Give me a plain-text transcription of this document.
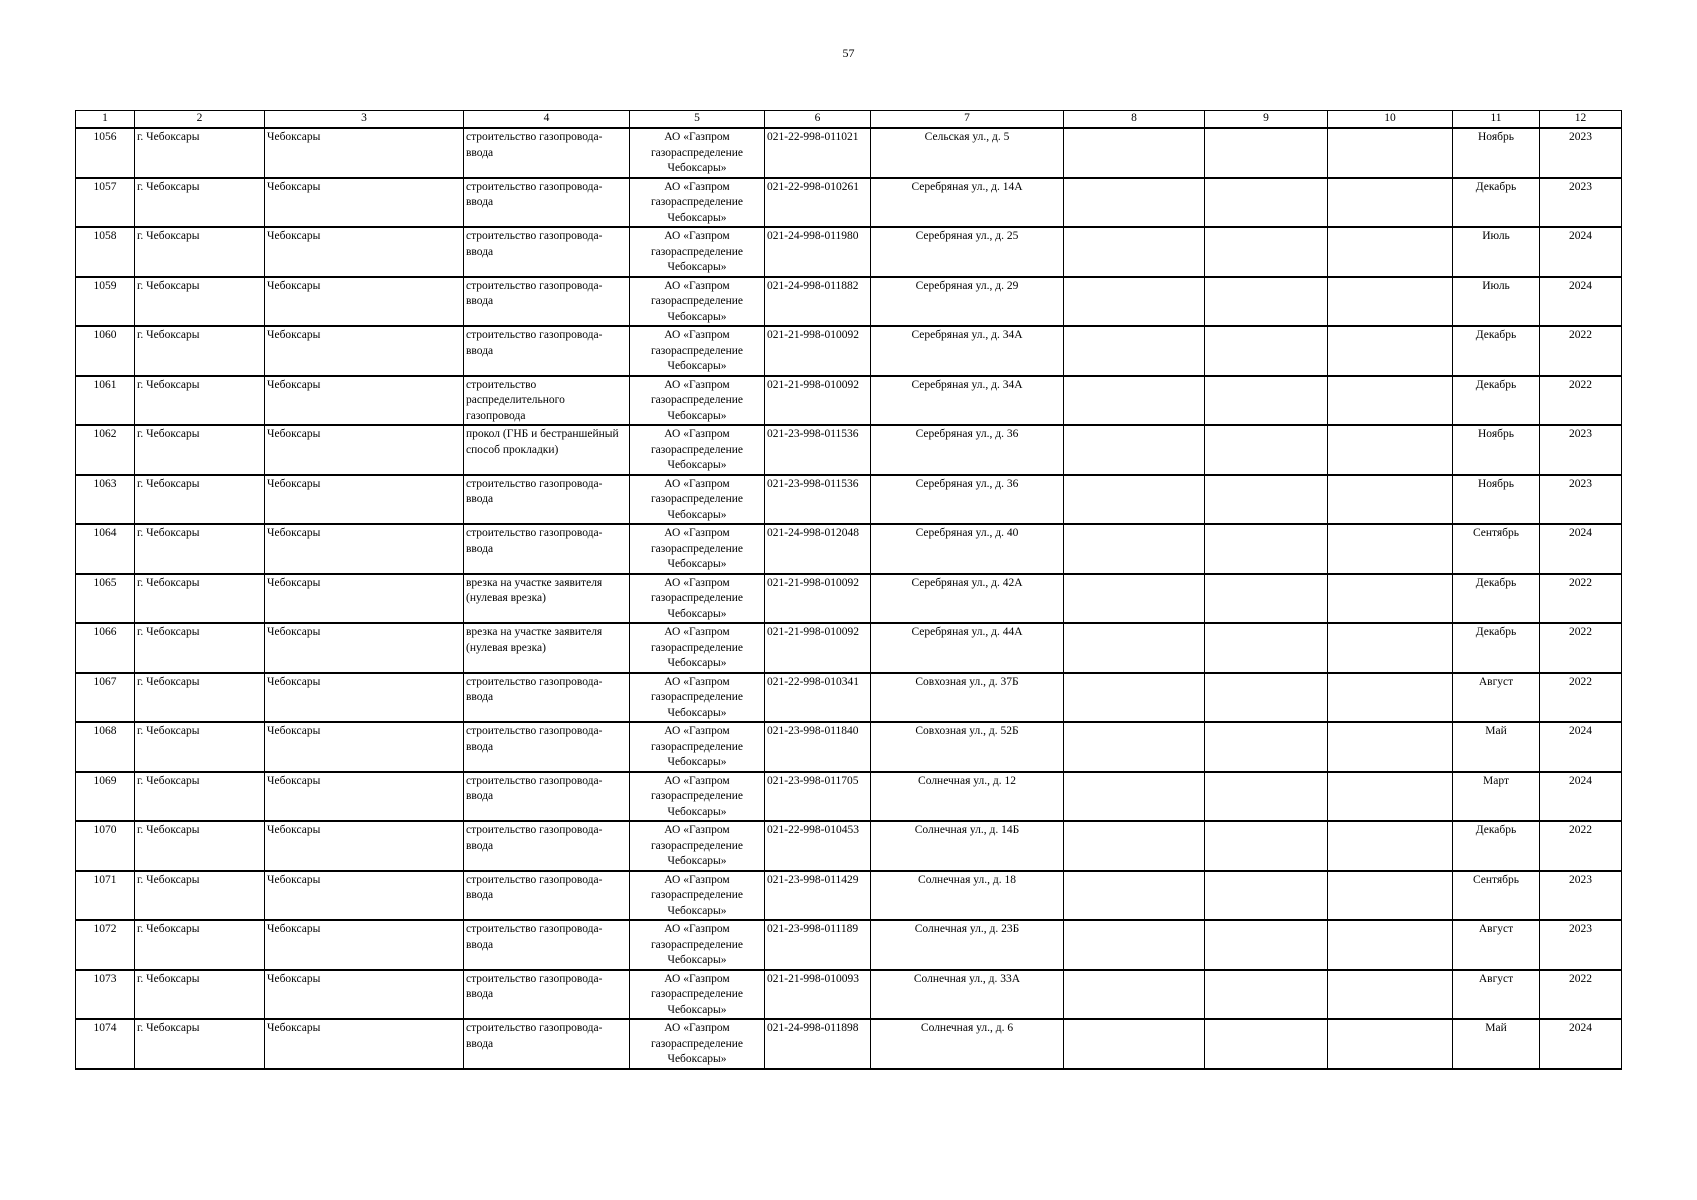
57
1	2	3	4	5	6	7	8	9	10	11	12
1056	г. Чебоксары	Чебоксары	строительство газопровода-ввода	АО «Газпром газораспределение Чебоксары»	021-22-998-011021	Сельская ул., д. 5				Ноябрь	2023
1057	г. Чебоксары	Чебоксары	строительство газопровода-ввода	АО «Газпром газораспределение Чебоксары»	021-22-998-010261	Серебряная ул., д. 14А				Декабрь	2023
1058	г. Чебоксары	Чебоксары	строительство газопровода-ввода	АО «Газпром газораспределение Чебоксары»	021-24-998-011980	Серебряная ул., д. 25				Июль	2024
1059	г. Чебоксары	Чебоксары	строительство газопровода-ввода	АО «Газпром газораспределение Чебоксары»	021-24-998-011882	Серебряная ул., д. 29				Июль	2024
1060	г. Чебоксары	Чебоксары	строительство газопровода-ввода	АО «Газпром газораспределение Чебоксары»	021-21-998-010092	Серебряная ул., д. 34А				Декабрь	2022
1061	г. Чебоксары	Чебоксары	строительство распределительного газопровода	АО «Газпром газораспределение Чебоксары»	021-21-998-010092	Серебряная ул., д. 34А				Декабрь	2022
1062	г. Чебоксары	Чебоксары	прокол (ГНБ и бестраншейный способ прокладки)	АО «Газпром газораспределение Чебоксары»	021-23-998-011536	Серебряная ул., д. 36				Ноябрь	2023
1063	г. Чебоксары	Чебоксары	строительство газопровода-ввода	АО «Газпром газораспределение Чебоксары»	021-23-998-011536	Серебряная ул., д. 36				Ноябрь	2023
1064	г. Чебоксары	Чебоксары	строительство газопровода-ввода	АО «Газпром газораспределение Чебоксары»	021-24-998-012048	Серебряная ул., д. 40				Сентябрь	2024
1065	г. Чебоксары	Чебоксары	врезка на участке заявителя (нулевая врезка)	АО «Газпром газораспределение Чебоксары»	021-21-998-010092	Серебряная ул., д. 42А				Декабрь	2022
1066	г. Чебоксары	Чебоксары	врезка на участке заявителя (нулевая врезка)	АО «Газпром газораспределение Чебоксары»	021-21-998-010092	Серебряная ул., д. 44А				Декабрь	2022
1067	г. Чебоксары	Чебоксары	строительство газопровода-ввода	АО «Газпром газораспределение Чебоксары»	021-22-998-010341	Совхозная ул., д. 37Б				Август	2022
1068	г. Чебоксары	Чебоксары	строительство газопровода-ввода	АО «Газпром газораспределение Чебоксары»	021-23-998-011840	Совхозная ул., д. 52Б				Май	2024
1069	г. Чебоксары	Чебоксары	строительство газопровода-ввода	АО «Газпром газораспределение Чебоксары»	021-23-998-011705	Солнечная ул., д. 12				Март	2024
1070	г. Чебоксары	Чебоксары	строительство газопровода-ввода	АО «Газпром газораспределение Чебоксары»	021-22-998-010453	Солнечная ул., д. 14Б				Декабрь	2022
1071	г. Чебоксары	Чебоксары	строительство газопровода-ввода	АО «Газпром газораспределение Чебоксары»	021-23-998-011429	Солнечная ул., д. 18				Сентябрь	2023
1072	г. Чебоксары	Чебоксары	строительство газопровода-ввода	АО «Газпром газораспределение Чебоксары»	021-23-998-011189	Солнечная ул., д. 23Б				Август	2023
1073	г. Чебоксары	Чебоксары	строительство газопровода-ввода	АО «Газпром газораспределение Чебоксары»	021-21-998-010093	Солнечная ул., д. 33А				Август	2022
1074	г. Чебоксары	Чебоксары	строительство газопровода-ввода	АО «Газпром газораспределение Чебоксары»	021-24-998-011898	Солнечная ул., д. 6				Май	2024
